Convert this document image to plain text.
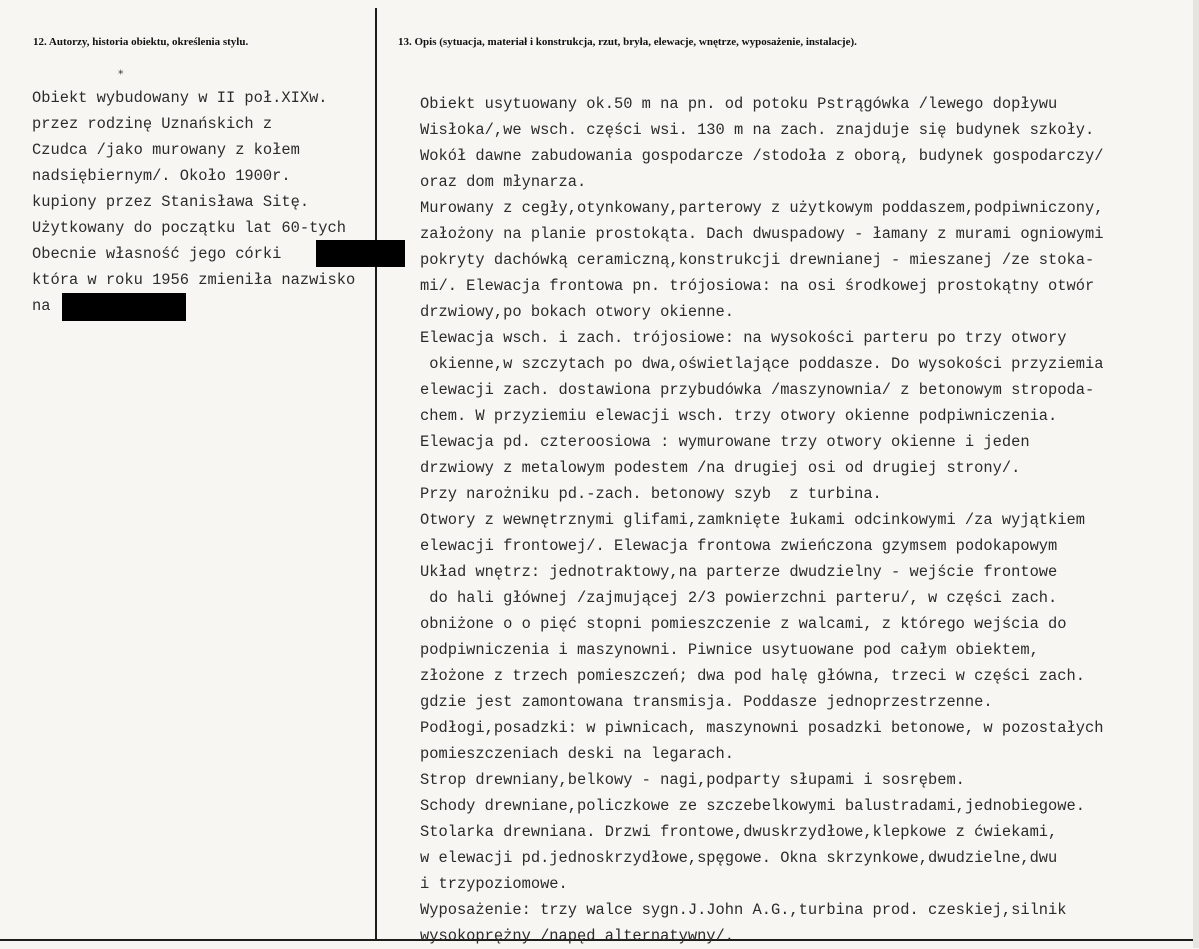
12. Autorzy, historia obiektu, określenia stylu.	13. Opis (sytuacja, materiał i konstrukcja, rzut, bryła, elewacje, wnętrze, wyposażenie, instalacje).
⁎
Obiekt wybudowany w II poł.XIXw.
przez rodzinę Uznańskich z
Czudca /jako murowany z kołem
nadsiębiernym/. Około 1900r.
kupiony przez Stanisława Sitę.
Użytkowany do początku lat 60-tych
Obecnie własność jego córki
która w roku 1956 zmieniła nazwisko
na
Obiekt usytuowany ok.50 m na pn. od potoku Pstrągówka /lewego dopływu
Wisłoka/,we wsch. części wsi. 130 m na zach. znajduje się budynek szkoły.
Wokół dawne zabudowania gospodarcze /stodoła z oborą, budynek gospodarczy/
oraz dom młynarza.
Murowany z cegły,otynkowany,parterowy z użytkowym poddaszem,podpiwniczony,
założony na planie prostokąta. Dach dwuspadowy - łamany z murami ogniowymi
pokryty dachówką ceramiczną,konstrukcji drewnianej - mieszanej /ze stoka-
mi/. Elewacja frontowa pn. trójosiowa: na osi środkowej prostokątny otwór
drzwiowy,po bokach otwory okienne.
Elewacja wsch. i zach. trójosiowe: na wysokości parteru po trzy otwory
okienne,w szczytach po dwa,oświetlające poddasze. Do wysokości przyziemia
elewacji zach. dostawiona przybudówka /maszynownia/ z betonowym stropoda-
chem. W przyziemiu elewacji wsch. trzy otwory okienne podpiwniczenia.
Elewacja pd. czteroosiowa : wymurowane trzy otwory okienne i jeden
drzwiowy z metalowym podestem /na drugiej osi od drugiej strony/.
Przy narożniku pd.-zach. betonowy szyb  z turbina.
Otwory z wewnętrznymi glifami,zamknięte łukami odcinkowymi /za wyjątkiem
elewacji frontowej/. Elewacja frontowa zwieńczona gzymsem podokapowym
Układ wnętrz: jednotraktowy,na parterze dwudzielny - wejście frontowe
do hali głównej /zajmującej 2/3 powierzchni parteru/, w części zach.
obniżone o o pięć stopni pomieszczenie z walcami, z którego wejścia do
podpiwniczenia i maszynowni. Piwnice usytuowane pod całym obiektem,
złożone z trzech pomieszczeń; dwa pod halę główna, trzeci w części zach.
gdzie jest zamontowana transmisja. Poddasze jednoprzestrzenne.
Podłogi,posadzki: w piwnicach, maszynowni posadzki betonowe, w pozostałych
pomieszczeniach deski na legarach.
Strop drewniany,belkowy - nagi,podparty słupami i sosrębem.
Schody drewniane,policzkowe ze szczebelkowymi balustradami,jednobiegowe.
Stolarka drewniana. Drzwi frontowe,dwuskrzydłowe,klepkowe z ćwiekami,
w elewacji pd.jednoskrzydłowe,spęgowe. Okna skrzynkowe,dwudzielne,dwu
i trzypoziomowe.
Wyposażenie: trzy walce sygn.J.John A.G.,turbina prod. czeskiej,silnik
wysokoprężny /napęd alternatywny/.
